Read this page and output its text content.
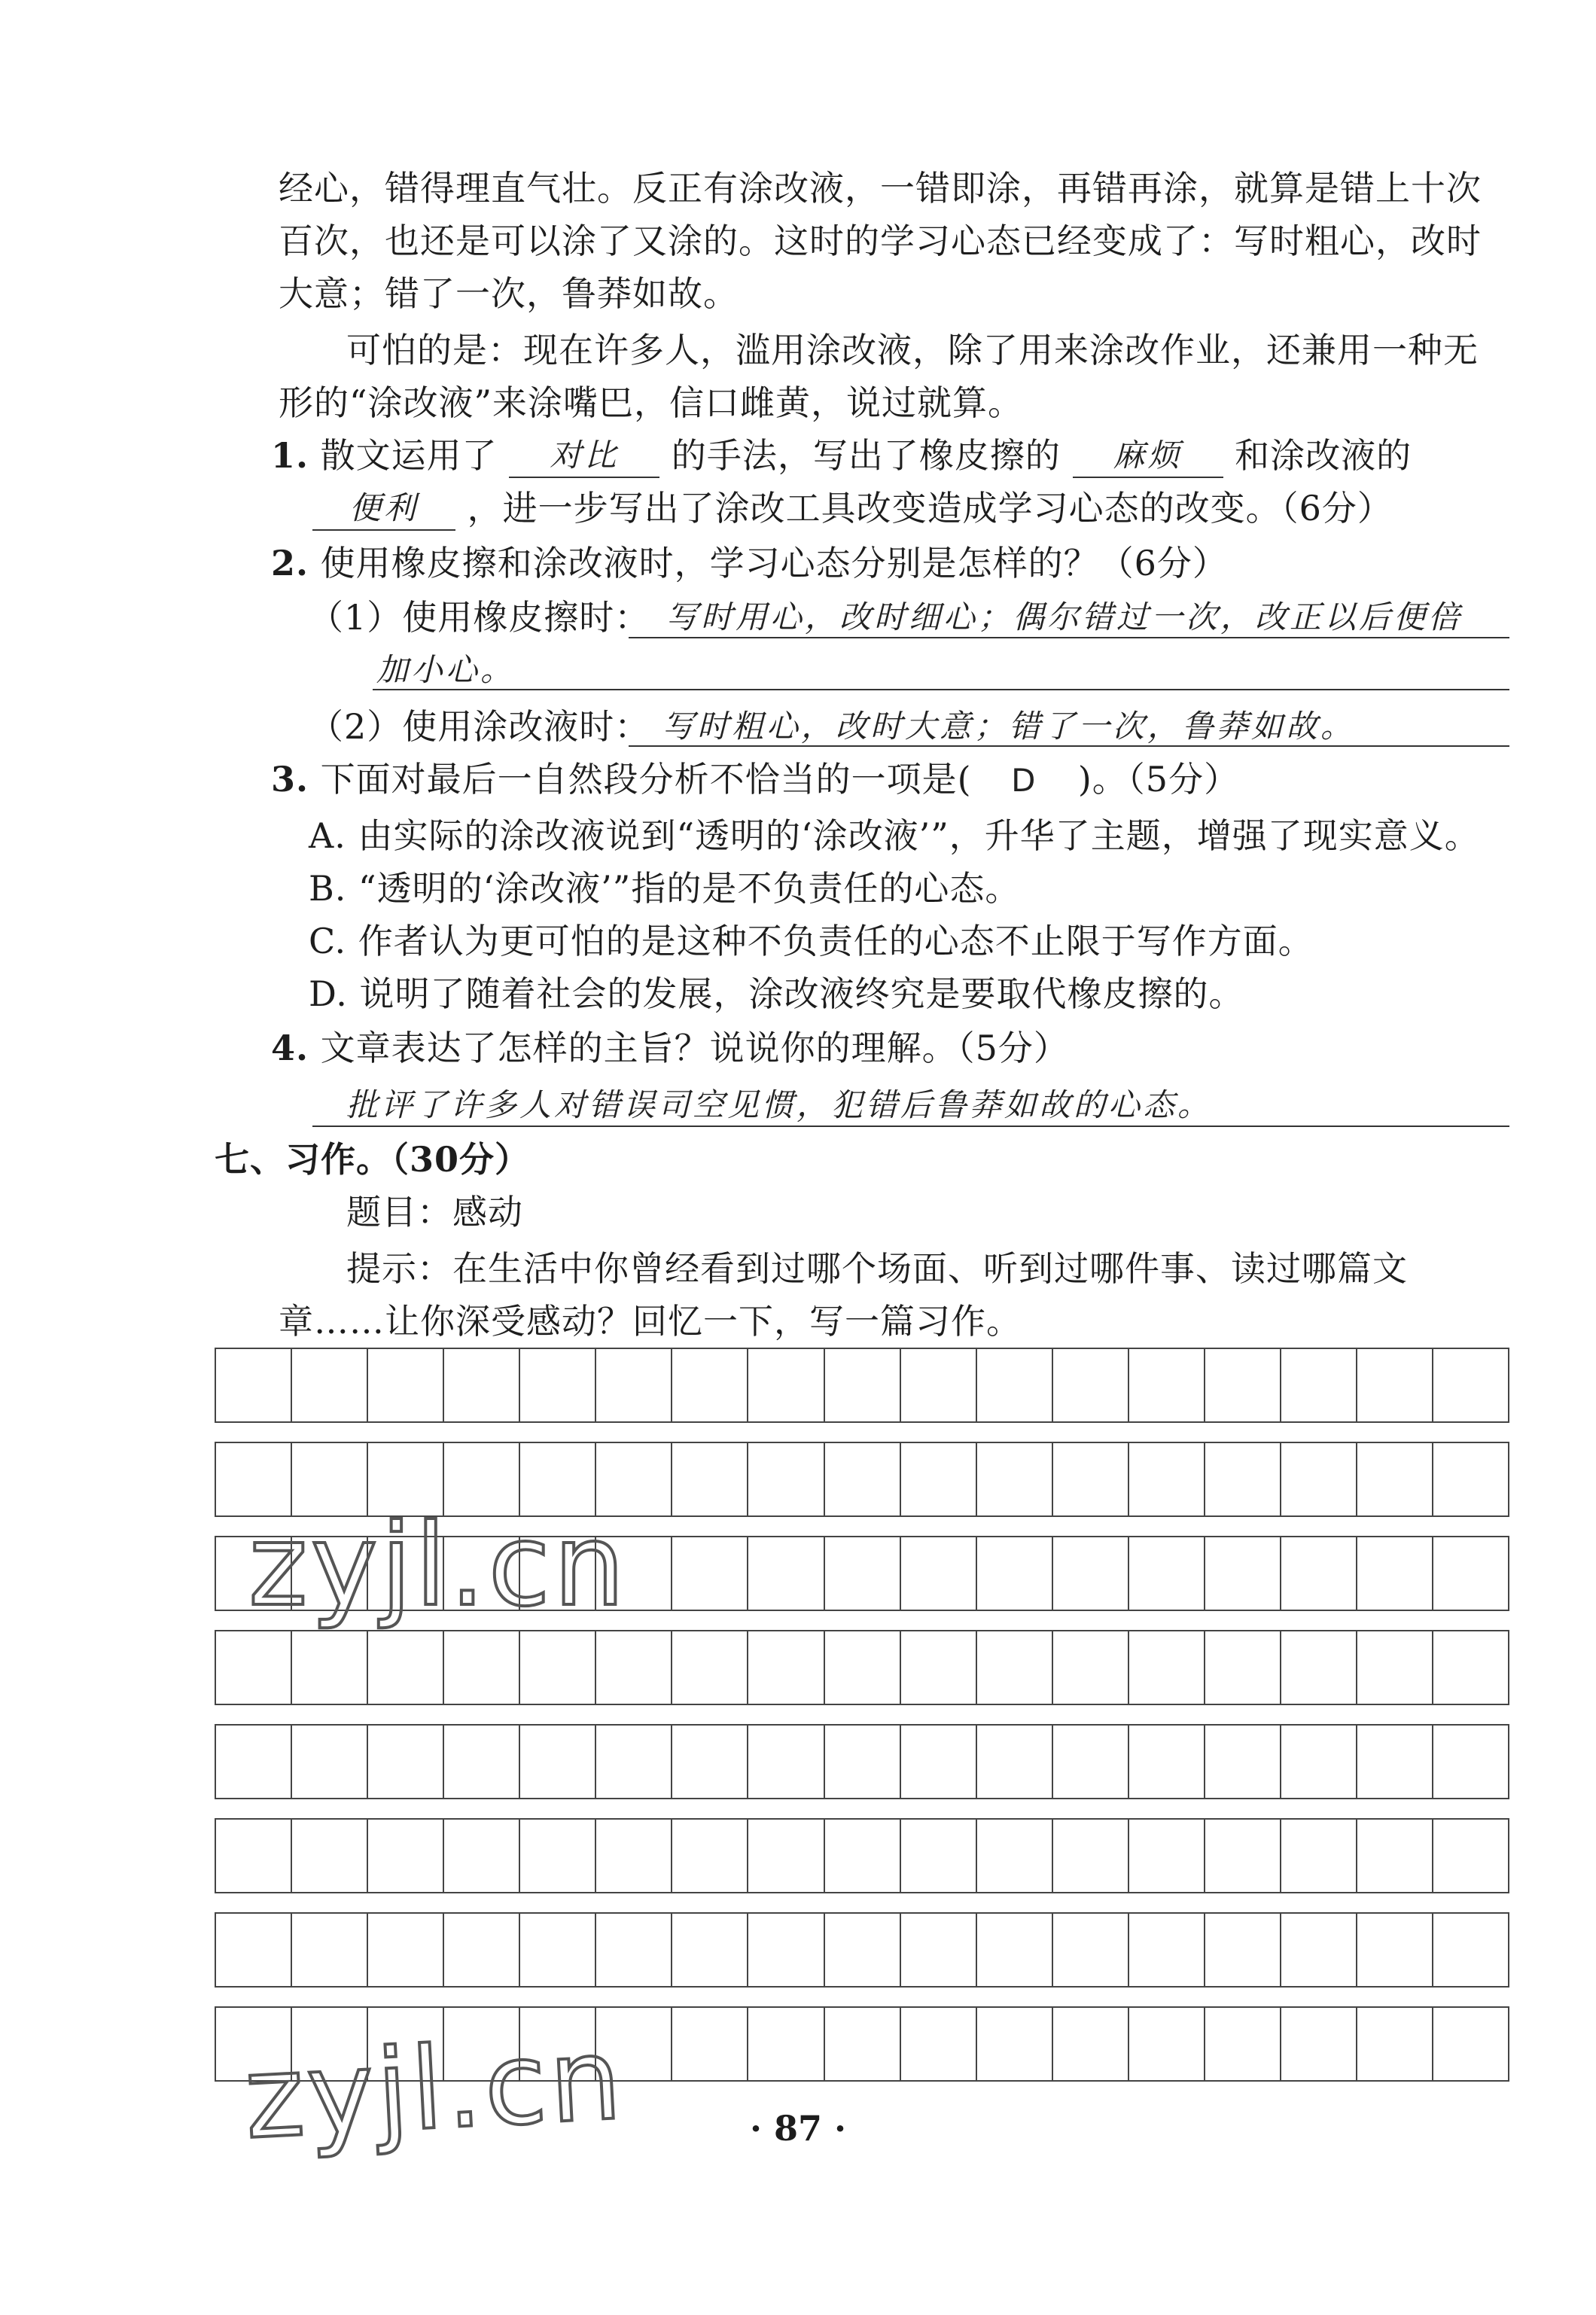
经心，错得理直气壮。反正有涂改液，一错即涂，再错再涂，就算是错上十次
百次，也还是可以涂了又涂的。这时的学习心态已经变成了：写时粗心，改时
大意；错了一次，鲁莽如故。
可怕的是：现在许多人，滥用涂改液，除了用来涂改作业，还兼用一种无
形的“涂改液”来涂嘴巴，信口雌黄，说过就算。
1. 散文运用了 对比 的手法，写出了橡皮擦的 麻烦 和涂改液的
便利 ，进一步写出了涂改工具改变造成学习心态的改变。（6分）
2. 使用橡皮擦和涂改液时，学习心态分别是怎样的？（6分）
（1）使用橡皮擦时： 写时用心，改时细心；偶尔错过一次，改正以后便倍
加小心。
（2）使用涂改液时： 写时粗心，改时大意；错了一次，鲁莽如故。
3. 下面对最后一自然段分析不恰当的一项是( D )。（5分）
A. 由实际的涂改液说到“透明的‘涂改液’”，升华了主题，增强了现实意义。
B. “透明的‘涂改液’”指的是不负责任的心态。
C. 作者认为更可怕的是这种不负责任的心态不止限于写作方面。
D. 说明了随着社会的发展，涂改液终究是要取代橡皮擦的。
4. 文章表达了怎样的主旨？说说你的理解。（5分）
批评了许多人对错误司空见惯，犯错后鲁莽如故的心态。
七、习作。（30分）
题目：感动
提示：在生活中你曾经看到过哪个场面、听到过哪件事、读过哪篇文
章……让你深受感动？回忆一下，写一篇习作。
zyjl.cn
zyjl.cn	· 87 ·
